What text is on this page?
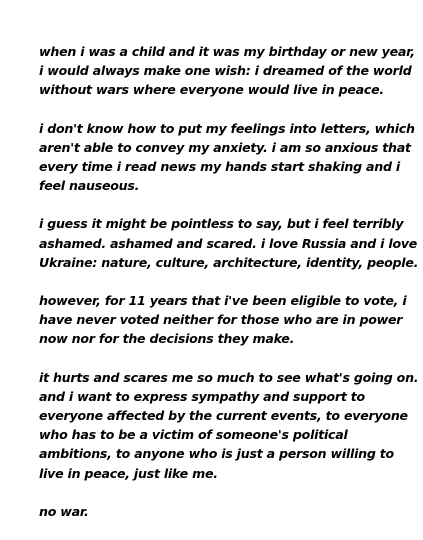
when i was a child and it was my birthday or new year,
i would always make one wish: i dreamed of the world
without wars where everyone would live in peace.

i don't know how to put my feelings into letters, which
aren't able to convey my anxiety. i am so anxious that
every time i read news my hands start shaking and i
feel nauseous.

i guess it might be pointless to say, but i feel terribly
ashamed. ashamed and scared. i love Russia and i love
Ukraine: nature, culture, architecture, identity, people.

however, for 11 years that i've been eligible to vote, i
have never voted neither for those who are in power
now nor for the decisions they make.

it hurts and scares me so much to see what's going on.
and i want to express sympathy and support to
everyone affected by the current events, to everyone
who has to be a victim of someone's political
ambitions, to anyone who is just a person willing to
live in peace, just like me.

no war.
